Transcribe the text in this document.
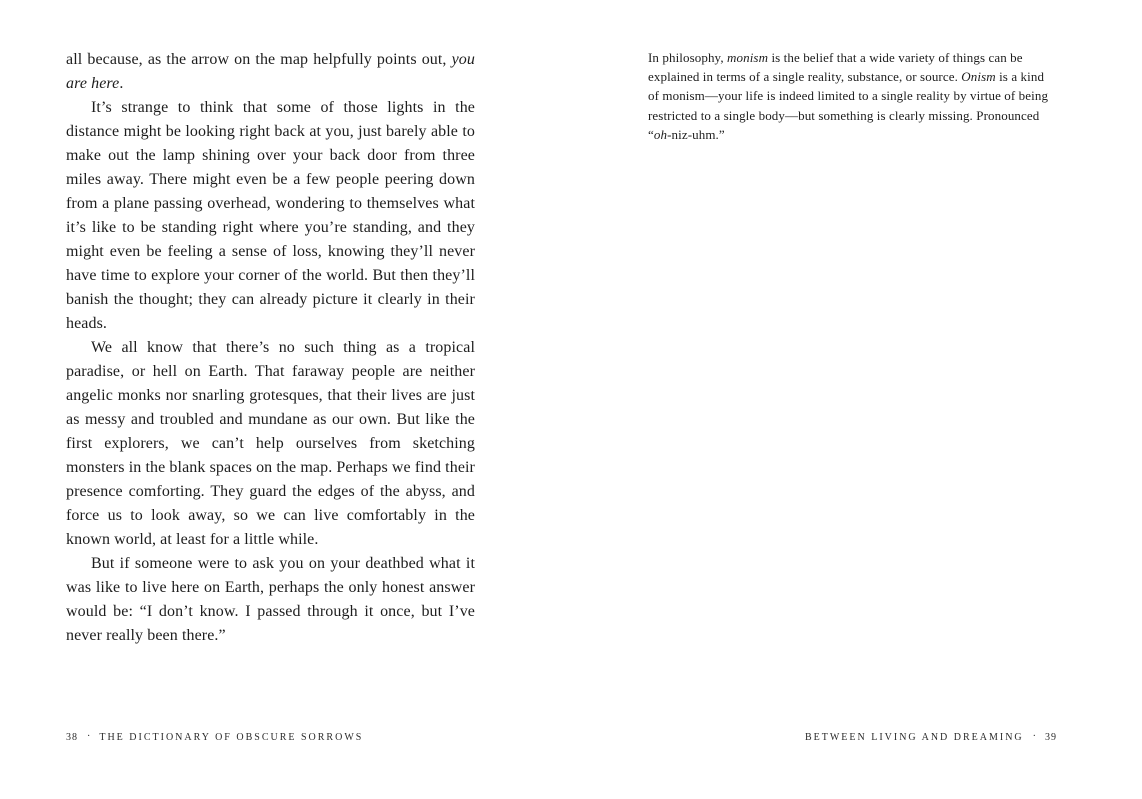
all because, as the arrow on the map helpfully points out, you are here.

It’s strange to think that some of those lights in the distance might be looking right back at you, just barely able to make out the lamp shining over your back door from three miles away. There might even be a few people peering down from a plane passing overhead, wondering to themselves what it’s like to be standing right where you’re standing, and they might even be feeling a sense of loss, knowing they’ll never have time to explore your corner of the world. But then they’ll banish the thought; they can already picture it clearly in their heads.

We all know that there’s no such thing as a tropical paradise, or hell on Earth. That faraway people are neither angelic monks nor snarling grotesques, that their lives are just as messy and troubled and mundane as our own. But like the first explorers, we can’t help ourselves from sketching monsters in the blank spaces on the map. Perhaps we find their presence comforting. They guard the edges of the abyss, and force us to look away, so we can live comfortably in the known world, at least for a little while.

But if someone were to ask you on your deathbed what it was like to live here on Earth, perhaps the only honest answer would be: “I don’t know. I passed through it once, but I’ve never really been there.”

In philosophy, monism is the belief that a wide variety of things can be explained in terms of a single reality, substance, or source. Onism is a kind of monism—your life is indeed limited to a single reality by virtue of being restricted to a single body—but something is clearly missing. Pronounced “oh-niz-uhm.”

38 · THE DICTIONARY OF OBSCURE SORROWS	BETWEEN LIVING AND DREAMING · 39
